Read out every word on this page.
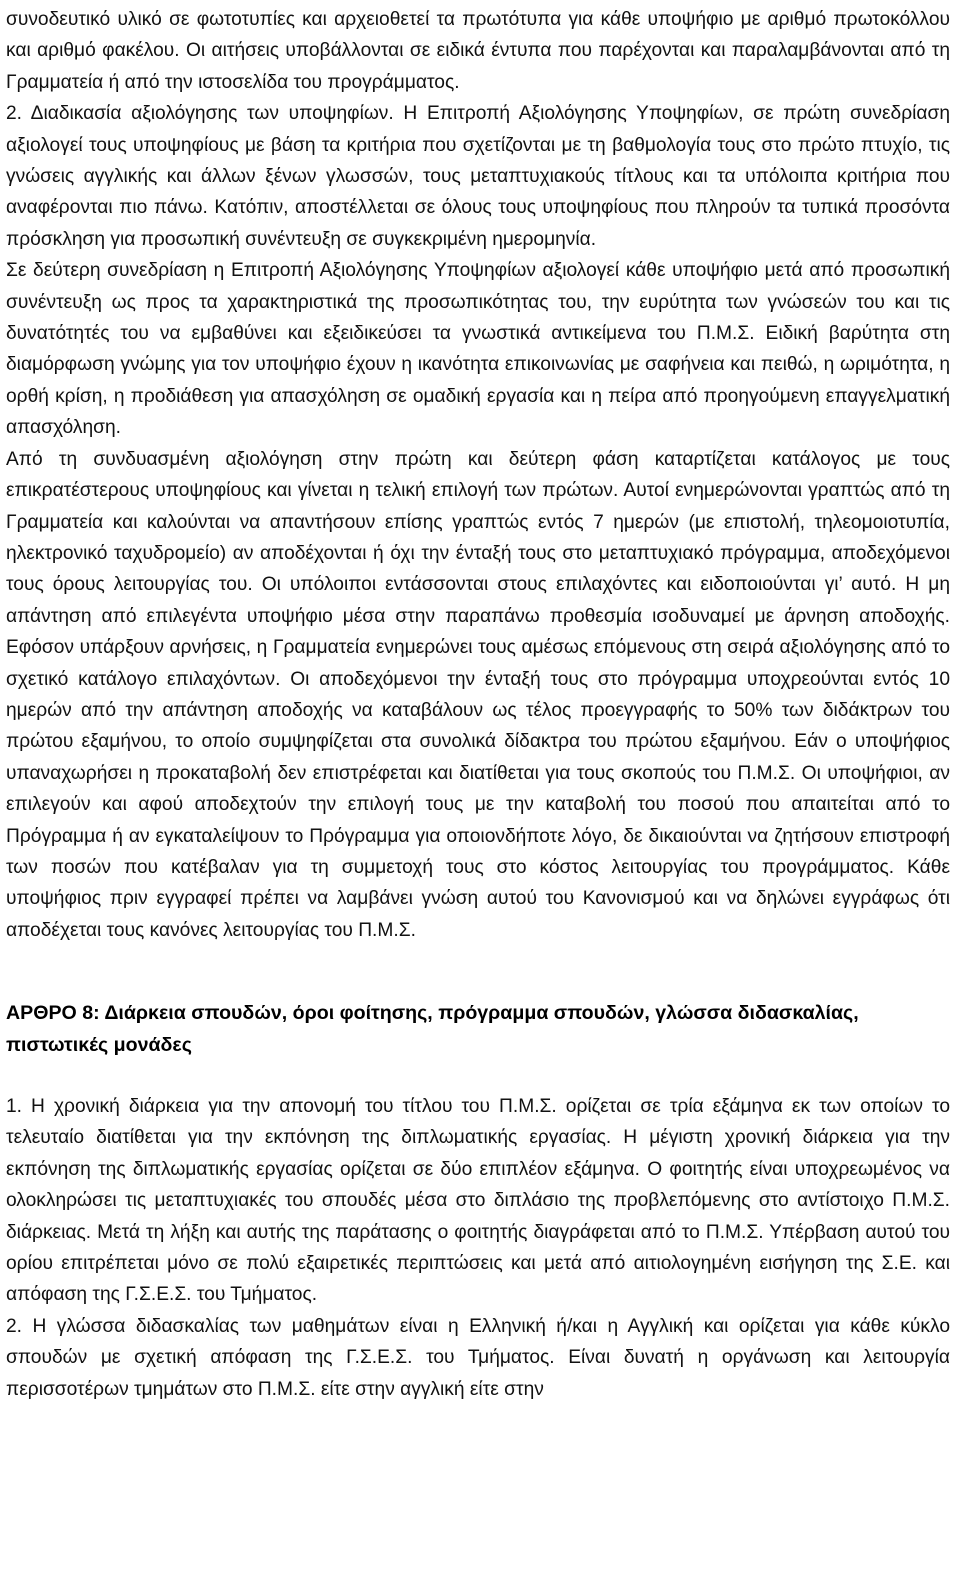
συνοδευτικό υλικό σε φωτοτυπίες και αρχειοθετεί τα πρωτότυπα για κάθε υποψήφιο με αριθμό πρωτοκόλλου και αριθμό φακέλου. Οι αιτήσεις υποβάλλονται σε ειδικά έντυπα που παρέχονται και παραλαμβάνονται από τη Γραμματεία ή από την ιστοσελίδα του προγράμματος.

2. Διαδικασία αξιολόγησης των υποψηφίων. Η Επιτροπή Αξιολόγησης Υποψηφίων, σε πρώτη συνεδρίαση αξιολογεί τους υποψηφίους με βάση τα κριτήρια που σχετίζονται με τη βαθμολογία τους στο πρώτο πτυχίο, τις γνώσεις αγγλικής και άλλων ξένων γλωσσών, τους μεταπτυχιακούς τίτλους και τα υπόλοιπα κριτήρια που αναφέρονται πιο πάνω. Κατόπιν, αποστέλλεται σε όλους τους υποψηφίους που πληρούν τα τυπικά προσόντα πρόσκληση για προσωπική συνέντευξη σε συγκεκριμένη ημερομηνία.

Σε δεύτερη συνεδρίαση η Επιτροπή Αξιολόγησης Υποψηφίων αξιολογεί κάθε υποψήφιο μετά από προσωπική συνέντευξη ως προς τα χαρακτηριστικά της προσωπικότητας του, την ευρύτητα των γνώσεών του και τις δυνατότητές του να εμβαθύνει και εξειδικεύσει τα γνωστικά αντικείμενα του Π.Μ.Σ. Ειδική βαρύτητα στη διαμόρφωση γνώμης για τον υποψήφιο έχουν η ικανότητα επικοινωνίας με σαφήνεια και πειθώ, η ωριμότητα, η ορθή κρίση, η προδιάθεση για απασχόληση σε ομαδική εργασία και η πείρα από προηγούμενη επαγγελματική απασχόληση.

Από τη συνδυασμένη αξιολόγηση στην πρώτη και δεύτερη φάση καταρτίζεται κατάλογος με τους επικρατέστερους υποψηφίους και γίνεται η τελική επιλογή των πρώτων. Αυτοί ενημερώνονται γραπτώς από τη Γραμματεία και καλούνται να απαντήσουν επίσης γραπτώς εντός 7 ημερών (με επιστολή, τηλεομοιοτυπία, ηλεκτρονικό ταχυδρομείο) αν αποδέχονται ή όχι την ένταξή τους στο μεταπτυχιακό πρόγραμμα, αποδεχόμενοι τους όρους λειτουργίας του. Οι υπόλοιποι εντάσσονται στους επιλαχόντες και ειδοποιούνται γι’ αυτό. Η μη απάντηση από επιλεγέντα υποψήφιο μέσα στην παραπάνω προθεσμία ισοδυναμεί με άρνηση αποδοχής. Εφόσον υπάρξουν αρνήσεις, η Γραμματεία ενημερώνει τους αμέσως επόμενους στη σειρά αξιολόγησης από το σχετικό κατάλογο επιλαχόντων. Οι αποδεχόμενοι την ένταξή τους στο πρόγραμμα υποχρεούνται εντός 10 ημερών από την απάντηση αποδοχής να καταβάλουν ως τέλος προεγγραφής το 50% των διδάκτρων του πρώτου εξαμήνου, το οποίο συμψηφίζεται στα συνολικά δίδακτρα του πρώτου εξαμήνου. Εάν ο υποψήφιος υπαναχωρήσει η προκαταβολή δεν επιστρέφεται και διατίθεται για τους σκοπούς του Π.Μ.Σ. Οι υποψήφιοι, αν επιλεγούν και αφού αποδεχτούν την επιλογή τους με την καταβολή του ποσού που απαιτείται από το Πρόγραμμα ή αν εγκαταλείψουν το Πρόγραμμα για οποιονδήποτε λόγο, δε δικαιούνται να ζητήσουν επιστροφή των ποσών που κατέβαλαν για τη συμμετοχή τους στο κόστος λειτουργίας του προγράμματος. Κάθε υποψήφιος πριν εγγραφεί πρέπει να λαμβάνει γνώση αυτού του Κανονισμού και να δηλώνει εγγράφως ότι αποδέχεται τους κανόνες λειτουργίας του Π.Μ.Σ.

ΑΡΘΡΟ 8: Διάρκεια σπουδών, όροι φοίτησης, πρόγραμμα σπουδών, γλώσσα διδασκαλίας, πιστωτικές μονάδες

1. Η χρονική διάρκεια για την απονομή του τίτλου του Π.Μ.Σ. ορίζεται σε τρία εξάμηνα εκ των οποίων το τελευταίο διατίθεται για την εκπόνηση της διπλωματικής εργασίας. Η μέγιστη χρονική διάρκεια για την εκπόνηση της διπλωματικής εργασίας ορίζεται σε δύο επιπλέον εξάμηνα. Ο φοιτητής είναι υποχρεωμένος να ολοκληρώσει τις μεταπτυχιακές του σπουδές μέσα στο διπλάσιο της προβλεπόμενης στο αντίστοιχο Π.Μ.Σ. διάρκειας. Μετά τη λήξη και αυτής της παράτασης ο φοιτητής διαγράφεται από το Π.Μ.Σ. Υπέρβαση αυτού του ορίου επιτρέπεται μόνο σε πολύ εξαιρετικές περιπτώσεις και μετά από αιτιολογημένη εισήγηση της Σ.Ε. και απόφαση της Γ.Σ.Ε.Σ. του Τμήματος.

2. Η γλώσσα διδασκαλίας των μαθημάτων είναι η Ελληνική ή/και η Αγγλική και ορίζεται για κάθε κύκλο σπουδών με σχετική απόφαση της Γ.Σ.Ε.Σ. του Τμήματος. Είναι δυνατή η οργάνωση και λειτουργία περισσοτέρων τμημάτων στο Π.Μ.Σ. είτε στην αγγλική είτε στην
